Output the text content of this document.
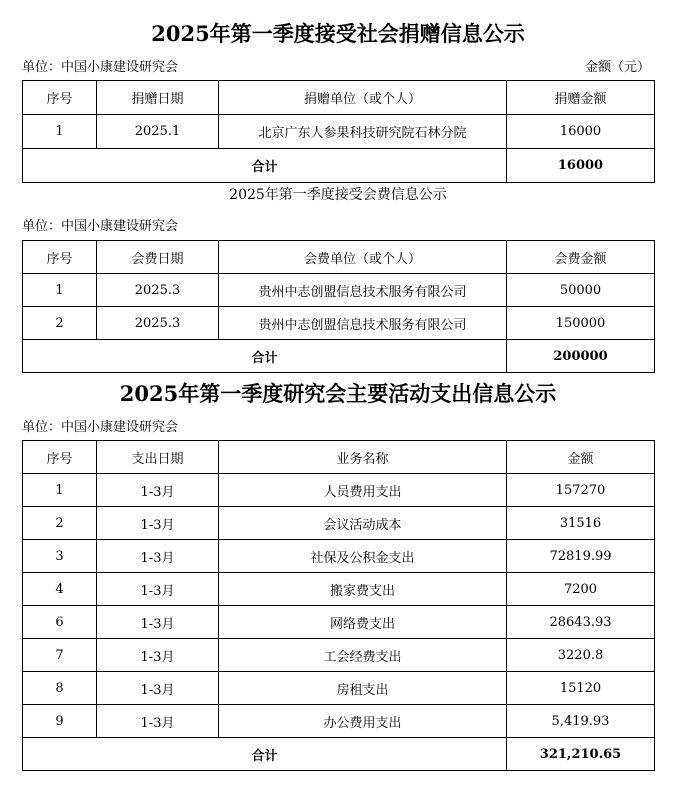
2025年第一季度接受社会捐赠信息公示
单位：中国小康建设研究会	金额（元）
序号	捐赠日期	捐赠单位（或个人）	捐赠金额
1	2025.1	北京广东人参果科技研究院石林分院	16000
合计			16000
2025年第一季度接受会费信息公示
单位：中国小康建设研究会
序号	会费日期	会费单位（或个人）	会费金额
1	2025.3	贵州中志创盟信息技术服务有限公司	50000
2	2025.3	贵州中志创盟信息技术服务有限公司	150000
合计			200000
2025年第一季度研究会主要活动支出信息公示
单位：中国小康建设研究会
序号	支出日期	业务名称	金额
1	1-3月	人员费用支出	157270
2	1-3月	会议活动成本	31516
3	1-3月	社保及公积金支出	72819.99
4	1-3月	搬家费支出	7200
6	1-3月	网络费支出	28643.93
7	1-3月	工会经费支出	3220.8
8	1-3月	房租支出	15120
9	1-3月	办公费用支出	5,419.93
合计			321,210.65
